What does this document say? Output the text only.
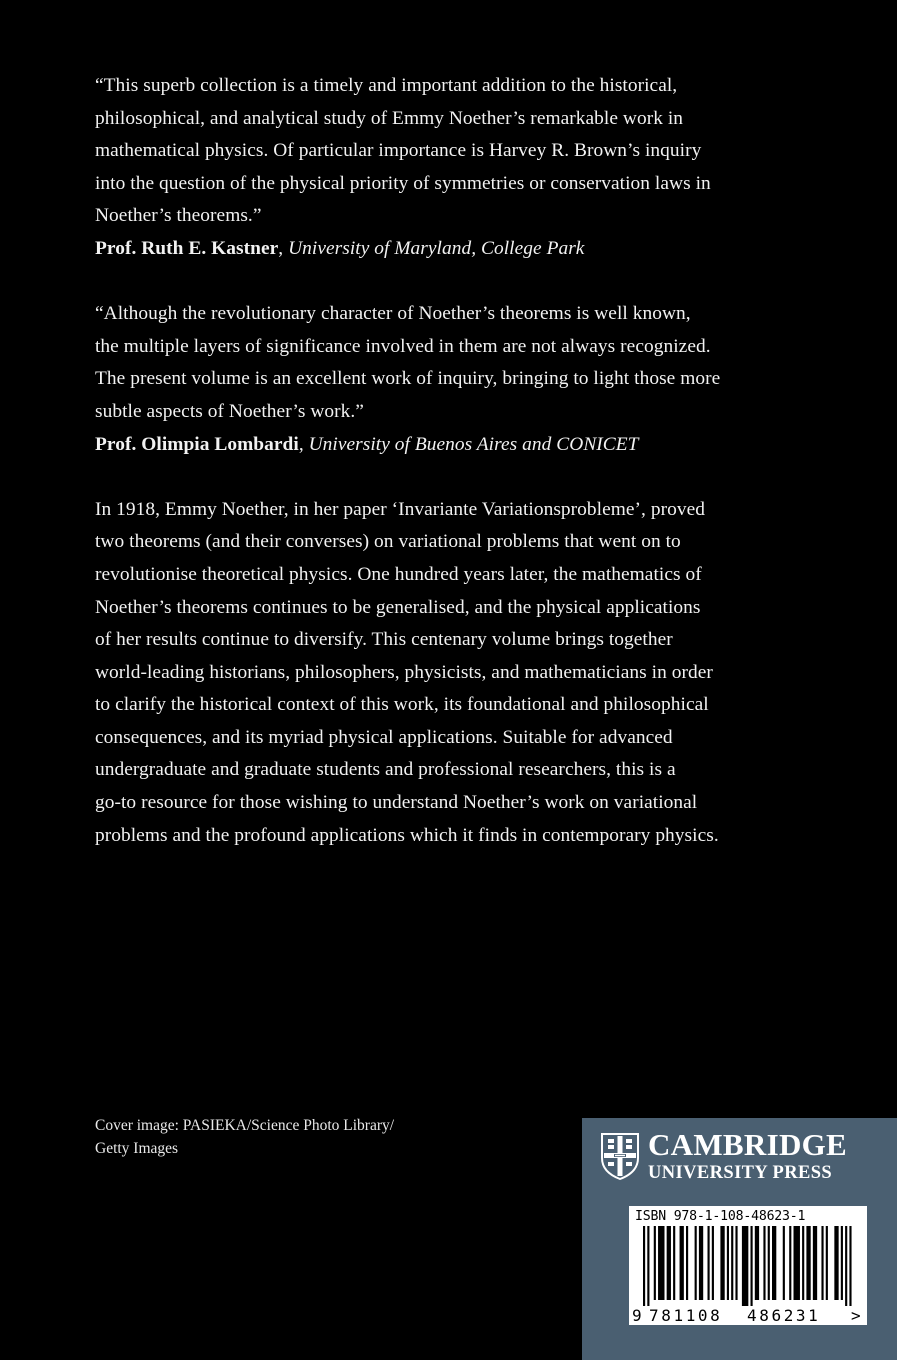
“This superb collection is a timely and important addition to the historical,
philosophical, and analytical study of Emmy Noether’s remarkable work in
mathematical physics. Of particular importance is Harvey R. Brown’s inquiry
into the question of the physical priority of symmetries or conservation laws in
Noether’s theorems.”
Prof. Ruth E. Kastner, University of Maryland, College Park
“Although the revolutionary character of Noether’s theorems is well known,
the multiple layers of significance involved in them are not always recognized.
The present volume is an excellent work of inquiry, bringing to light those more
subtle aspects of Noether’s work.”
Prof. Olimpia Lombardi, University of Buenos Aires and CONICET
In 1918, Emmy Noether, in her paper ‘Invariante Variationsprobleme’, proved
two theorems (and their converses) on variational problems that went on to
revolutionise theoretical physics. One hundred years later, the mathematics of
Noether’s theorems continues to be generalised, and the physical applications
of her results continue to diversify. This centenary volume brings together
world-leading historians, philosophers, physicists, and mathematicians in order
to clarify the historical context of this work, its foundational and philosophical
consequences, and its myriad physical applications. Suitable for advanced
undergraduate and graduate students and professional researchers, this is a
go-to resource for those wishing to understand Noether’s work on variational
problems and the profound applications which it finds in contemporary physics.
Cover image: PASIEKA/Science Photo Library/
Getty Images	CAMBRIDGE
UNIVERSITY PRESS
ISBN 978-1-108-48623-1
9 781108 486231 >
